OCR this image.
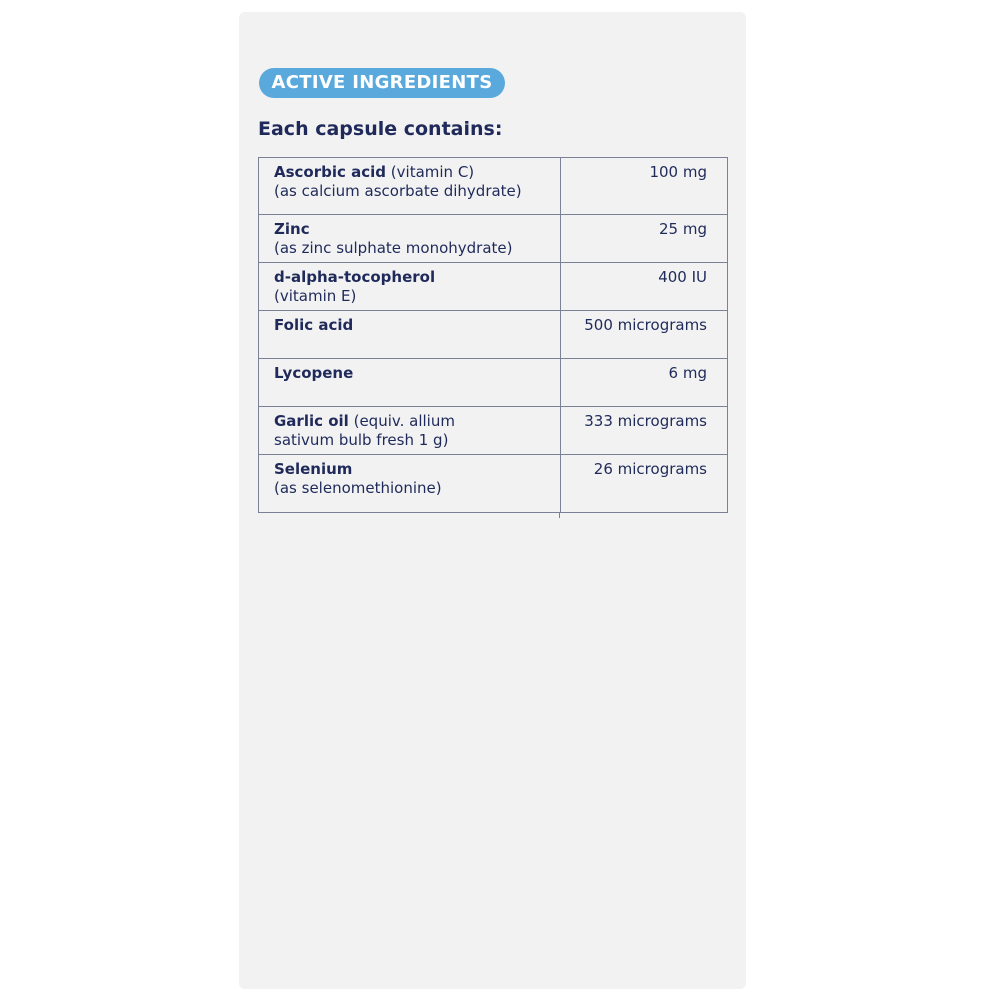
ACTIVE INGREDIENTS
Each capsule contains:
Ascorbic acid (vitamin C)
(as calcium ascorbate dihydrate)
100 mg
Zinc
(as zinc sulphate monohydrate)
25 mg
d-alpha-tocopherol
(vitamin E)
400 IU
Folic acid	500 micrograms
Lycopene	6 mg
Garlic oil (equiv. allium
sativum bulb fresh 1 g)
333 micrograms
Selenium
(as selenomethionine)
26 micrograms
